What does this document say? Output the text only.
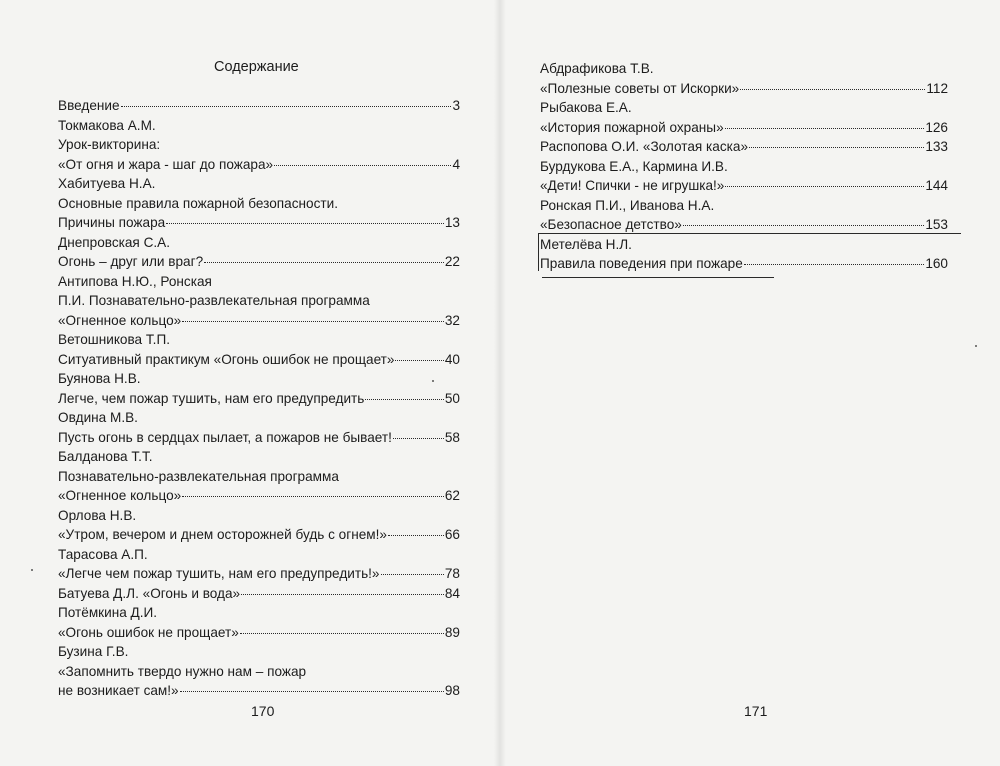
Содержание
Введение	3
Токмакова А.М.
Урок-викторина:
«От огня и жара - шаг до пожара»	4
Хабитуева Н.А.
Основные правила пожарной безопасности.
Причины пожара	13
Днепровская С.А.
Огонь – друг или враг?	22
Антипова Н.Ю., Ронская
П.И. Познавательно-развлекательная программа
«Огненное кольцо»	32
Ветошникова Т.П.
Ситуативный практикум «Огонь ошибок не прощает»	40
Буянова Н.В.
Легче, чем пожар тушить, нам его предупредить	50
Овдина М.В.
Пусть огонь в сердцах пылает, а пожаров не бывает!	58
Балданова Т.Т.
Познавательно-развлекательная программа
«Огненное кольцо»	62
Орлова Н.В.
«Утром, вечером и днем осторожней будь с огнем!»	66
Тарасова А.П.
«Легче чем пожар тушить, нам его предупредить!»	78
Батуева Д.Л. «Огонь и вода»	84
Потёмкина Д.И.
«Огонь ошибок не прощает»	89
Бузина Г.В.
«Запомнить твердо нужно нам – пожар
не возникает сам!»	98
170
Абдрафикова Т.В.
«Полезные советы от Искорки»	112
Рыбакова Е.А.
«История пожарной охраны»	126
Распопова О.И. «Золотая каска»	133
Бурдукова Е.А., Кармина И.В.
«Дети! Спички - не игрушка!»	144
Ронская П.И., Иванова Н.А.
«Безопасное детство»	153
Метелёва Н.Л.
Правила поведения при пожаре	160
171
